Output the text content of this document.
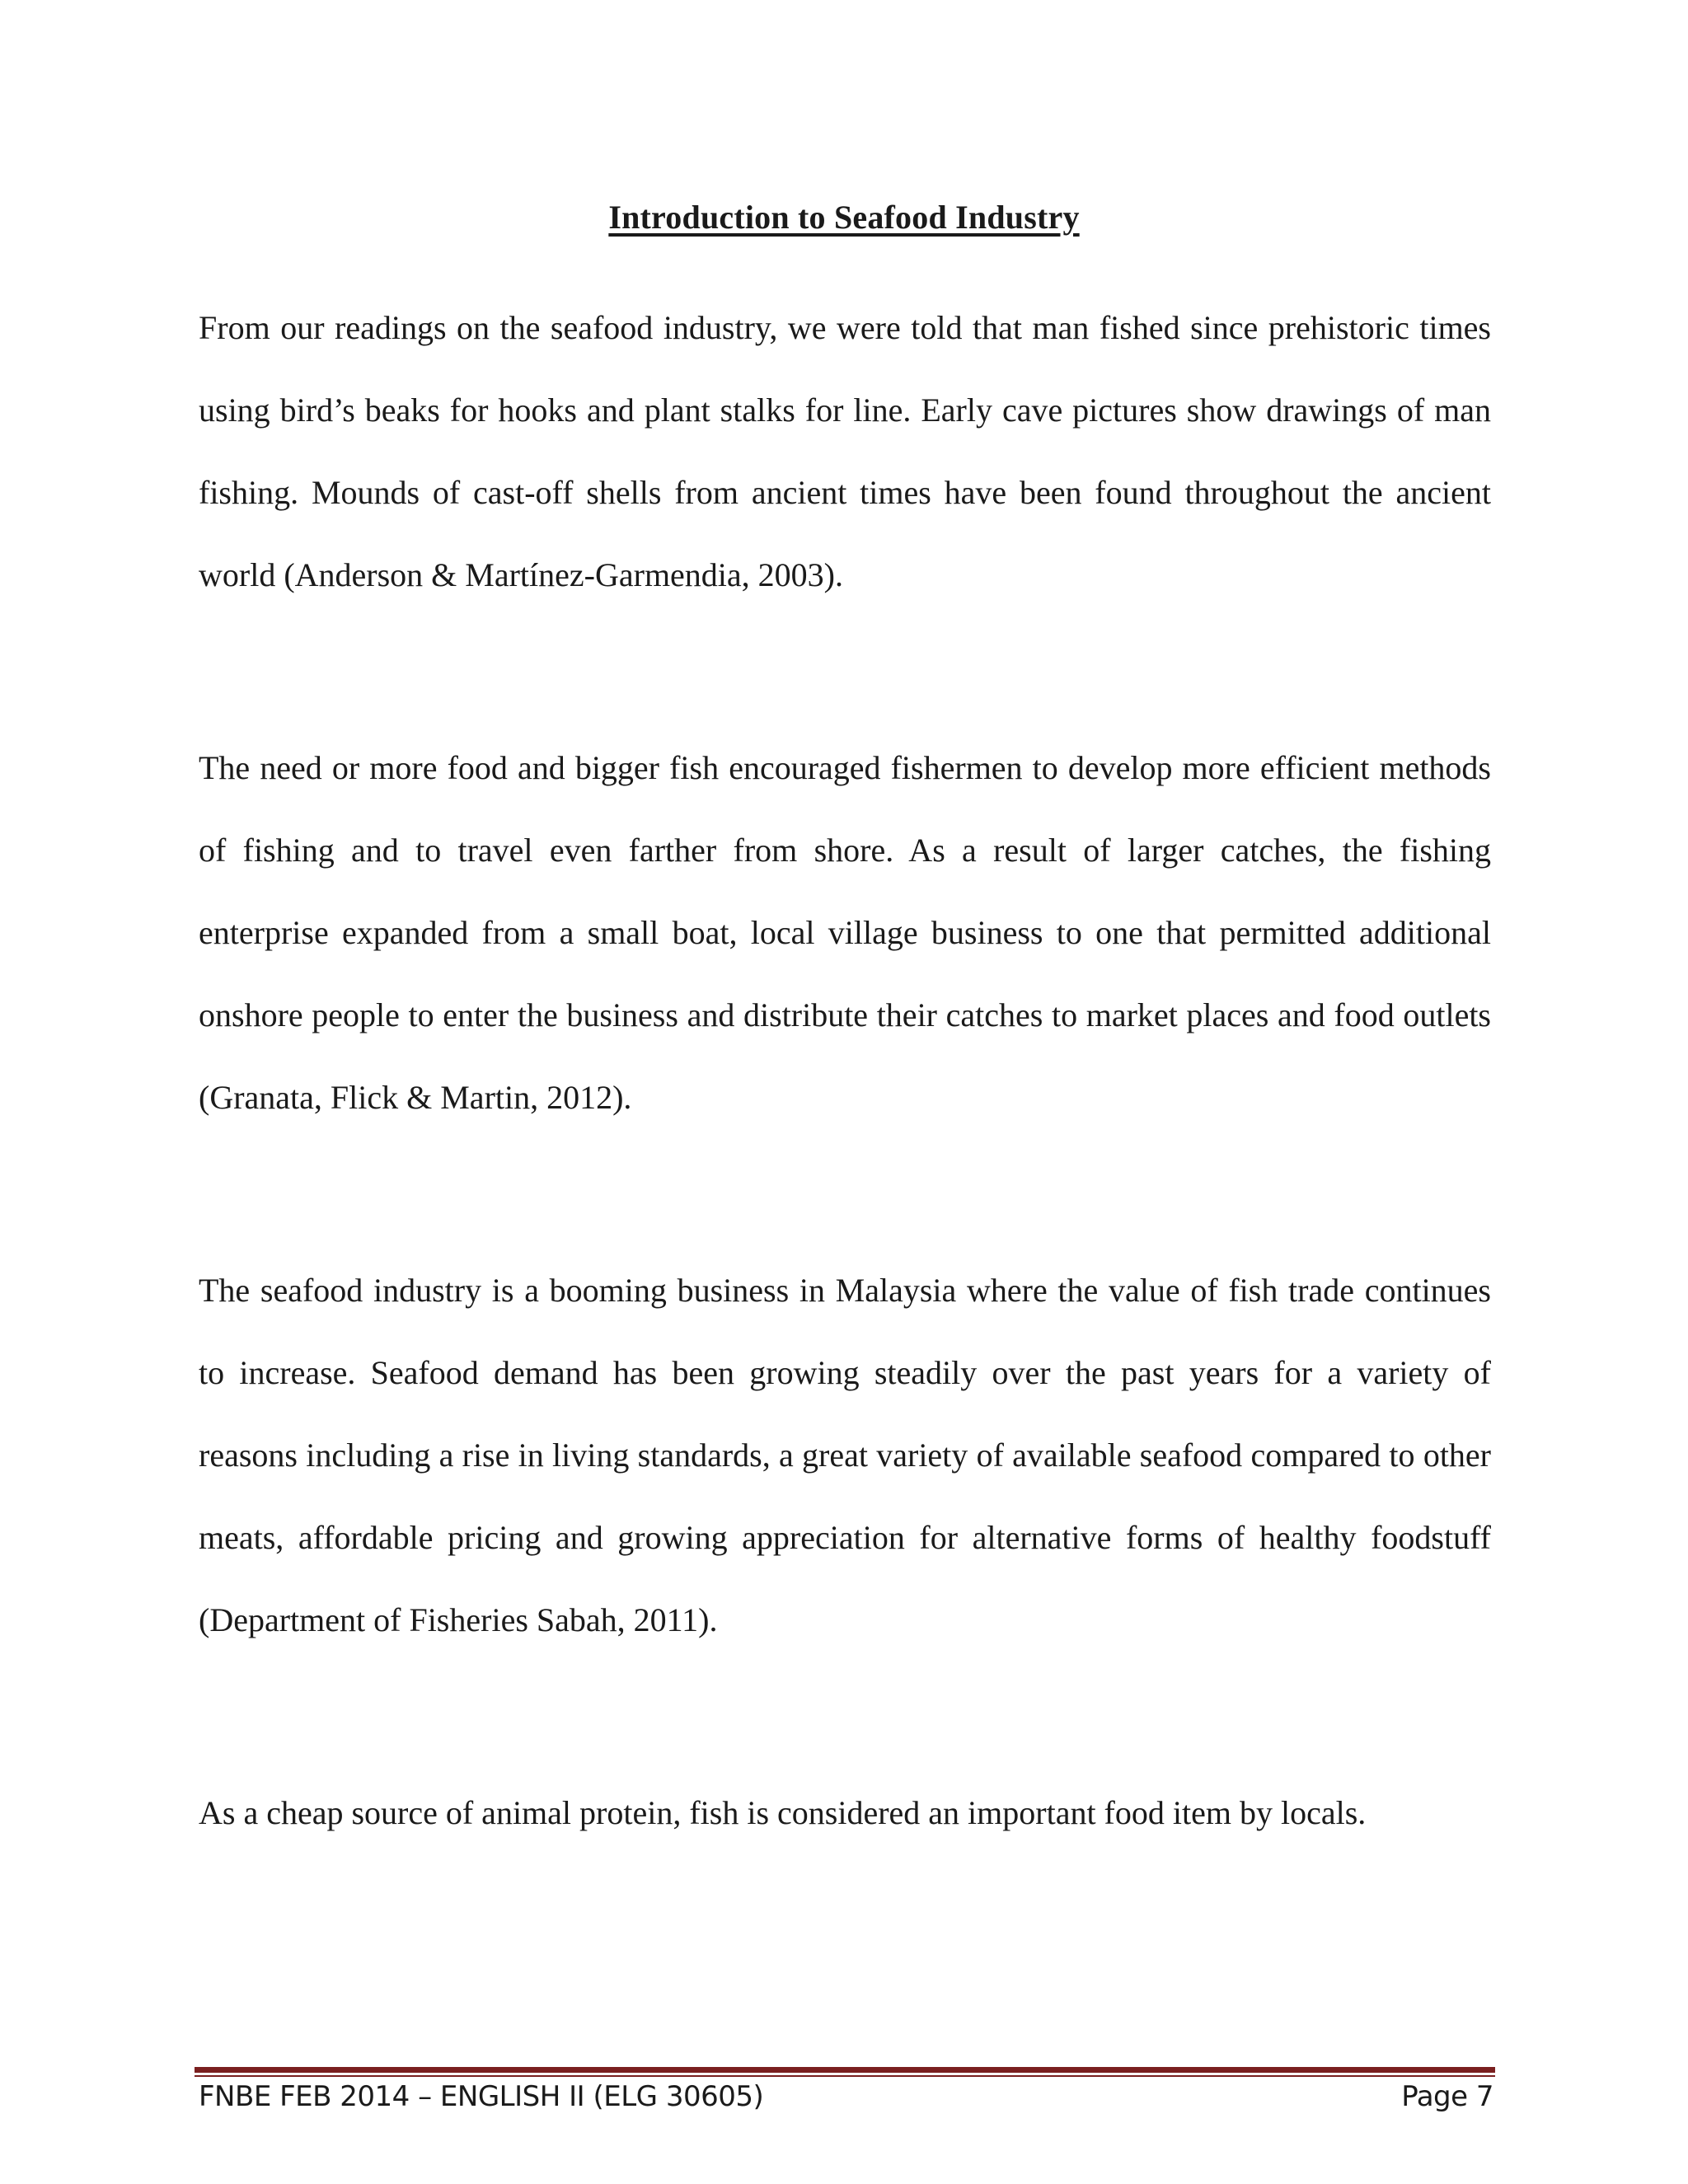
Introduction to Seafood Industry

From our readings on the seafood industry, we were told that man fished since prehistoric times using bird’s beaks for hooks and plant stalks for line. Early cave pictures show drawings of man fishing. Mounds of cast-off shells from ancient times have been found throughout the ancient world (Anderson & Martínez-Garmendia, 2003).

The need or more food and bigger fish encouraged fishermen to develop more efficient methods of fishing and to travel even farther from shore. As a result of larger catches, the fishing enterprise expanded from a small boat, local village business to one that permitted additional onshore people to enter the business and distribute their catches to market places and food outlets (Granata, Flick & Martin, 2012).

The seafood industry is a booming business in Malaysia where the value of fish trade continues to increase. Seafood demand has been growing steadily over the past years for a variety of reasons including a rise in living standards, a great variety of available seafood compared to other meats, affordable pricing and growing appreciation for alternative forms of healthy foodstuff (Department of Fisheries Sabah, 2011).

As a cheap source of animal protein, fish is considered an important food item by locals.

FNBE FEB 2014 – ENGLISH II (ELG 30605)	Page 7
